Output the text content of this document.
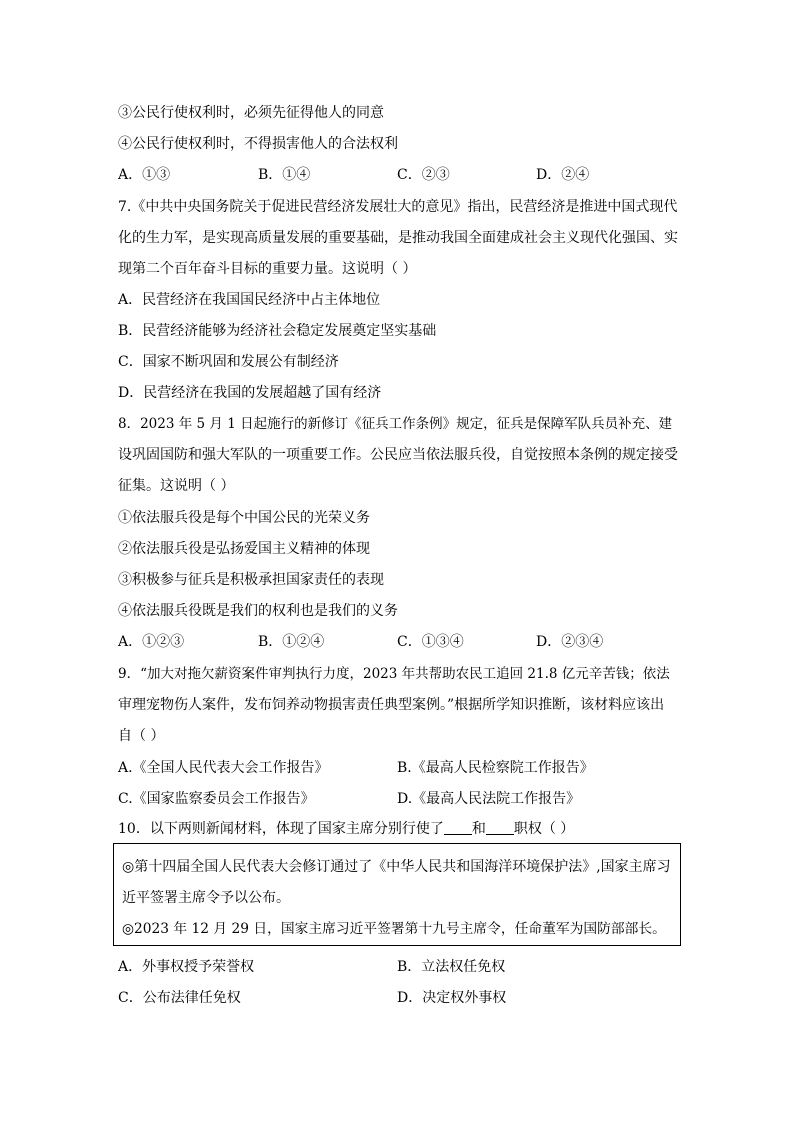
③公民行使权利时，必须先征得他人的同意
④公民行使权利时，不得损害他人的合法权利
A．①③	B．①④	C．②③	D．②④
7.《中共中央国务院关于促进民营经济发展壮大的意见》指出，民营经济是推进中国式现代
化的生力军，是实现高质量发展的重要基础，是推动我国全面建成社会主义现代化强国、实
现第二个百年奋斗目标的重要力量。这说明（ ）
A．民营经济在我国国民经济中占主体地位
B．民营经济能够为经济社会稳定发展奠定坚实基础
C．国家不断巩固和发展公有制经济
D．民营经济在我国的发展超越了国有经济
8．2023 年 5 月 1 日起施行的新修订《征兵工作条例》规定，征兵是保障军队兵员补充、建
设巩固国防和强大军队的一项重要工作。公民应当依法服兵役，自觉按照本条例的规定接受
征集。这说明（ ）
①依法服兵役是每个中国公民的光荣义务
②依法服兵役是弘扬爱国主义精神的体现
③积极参与征兵是积极承担国家责任的表现
④依法服兵役既是我们的权利也是我们的义务
A．①②③	B．①②④	C．①③④	D．②③④
9．“加大对拖欠薪资案件审判执行力度，2023 年共帮助农民工追回 21.8 亿元辛苦钱；依法
审理宠物伤人案件，发布饲养动物损害责任典型案例。”根据所学知识推断，该材料应该出
自（ ）
A.《全国人民代表大会工作报告》	B.《最高人民检察院工作报告》
C.《国家监察委员会工作报告》	D.《最高人民法院工作报告》
10．以下两则新闻材料，体现了国家主席分别行使了 和 职权（ ）
◎第十四届全国人民代表大会修订通过了《中华人民共和国海洋环境保护法》,国家主席习
近平签署主席令予以公布。
◎2023 年 12 月 29 日，国家主席习近平签署第十九号主席令，任命董军为国防部部长。
A．外事权授予荣誉权	B．立法权任免权
C．公布法律任免权	D．决定权外事权
